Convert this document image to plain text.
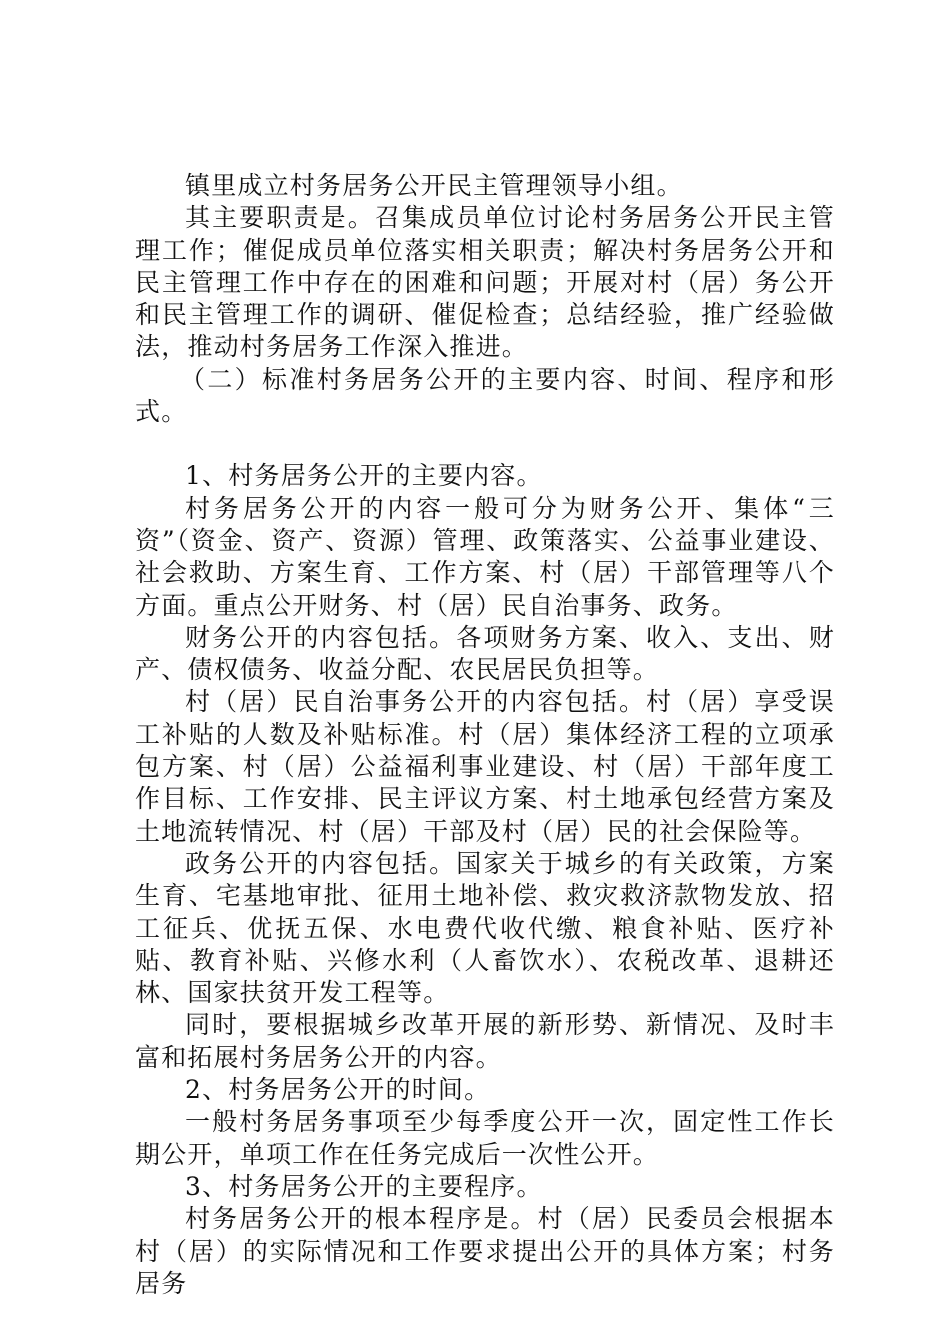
镇里成立村务居务公开民主管理领导小组。

其主要职责是。召集成员单位讨论村务居务公开民主管理工作；催促成员单位落实相关职责；解决村务居务公开和民主管理工作中存在的困难和问题；开展对村（居）务公开和民主管理工作的调研、催促检查；总结经验，推广经验做法，推动村务居务工作深入推进。

（二）标准村务居务公开的主要内容、时间、程序和形式。

1、村务居务公开的主要内容。

村务居务公开的内容一般可分为财务公开、集体“三资”（资金、资产、资源）管理、政策落实、公益事业建设、社会救助、方案生育、工作方案、村（居）干部管理等八个方面。重点公开财务、村（居）民自治事务、政务。

财务公开的内容包括。各项财务方案、收入、支出、财产、债权债务、收益分配、农民居民负担等。

村（居）民自治事务公开的内容包括。村（居）享受误工补贴的人数及补贴标准。村（居）集体经济工程的立项承包方案、村（居）公益福利事业建设、村（居）干部年度工作目标、工作安排、民主评议方案、村土地承包经营方案及土地流转情况、村（居）干部及村（居）民的社会保险等。

政务公开的内容包括。国家关于城乡的有关政策，方案生育、宅基地审批、征用土地补偿、救灾救济款物发放、招工征兵、优抚五保、水电费代收代缴、粮食补贴、医疗补贴、教育补贴、兴修水利（人畜饮水）、农税改革、退耕还林、国家扶贫开发工程等。

同时，要根据城乡改革开展的新形势、新情况、及时丰富和拓展村务居务公开的内容。

2、村务居务公开的时间。

一般村务居务事项至少每季度公开一次，固定性工作长期公开，单项工作在任务完成后一次性公开。

3、村务居务公开的主要程序。

村务居务公开的根本程序是。村（居）民委员会根据本村（居）的实际情况和工作要求提出公开的具体方案；村务居务
